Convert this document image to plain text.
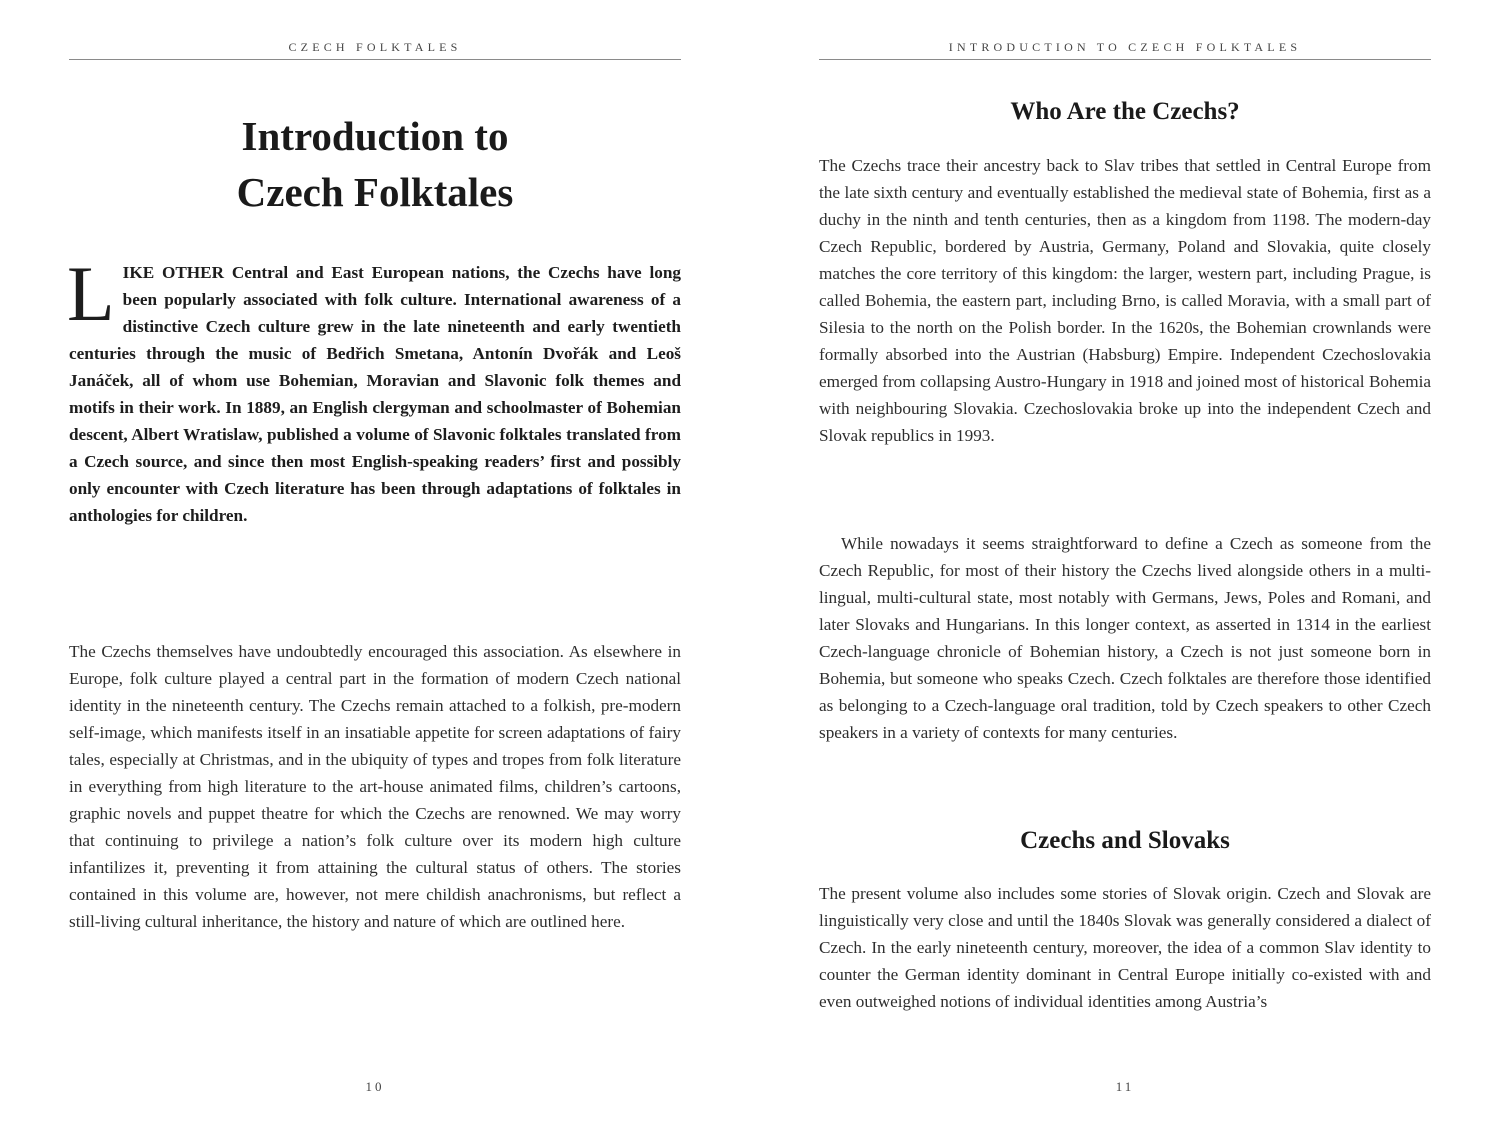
CZECH FOLKTALES
Introduction to
Czech Folktales

LIKE OTHER Central and East European nations, the Czechs have long been popularly associated with folk culture. International awareness of a distinctive Czech culture grew in the late nineteenth and early twentieth centuries through the music of Bedřich Smetana, Antonín Dvořák and Leoš Janáček, all of whom use Bohemian, Moravian and Slavonic folk themes and motifs in their work. In 1889, an English clergyman and schoolmaster of Bohemian descent, Albert Wratislaw, published a volume of Slavonic folktales translated from a Czech source, and since then most English-speaking readers’ first and possibly only encounter with Czech literature has been through adaptations of folktales in anthologies for children.

The Czechs themselves have undoubtedly encouraged this association. As elsewhere in Europe, folk culture played a central part in the formation of modern Czech national identity in the nineteenth century. The Czechs remain attached to a folkish, pre-modern self-image, which manifests itself in an insatiable appetite for screen adaptations of fairy tales, especially at Christmas, and in the ubiquity of types and tropes from folk literature in everything from high literature to the art-house animated films, children’s cartoons, graphic novels and puppet theatre for which the Czechs are renowned. We may worry that continuing to privilege a nation’s folk culture over its modern high culture infantilizes it, preventing it from attaining the cultural status of others. The stories contained in this volume are, however, not mere childish anachronisms, but reflect a still-living cultural inheritance, the history and nature of which are outlined here.

10
INTRODUCTION TO CZECH FOLKTALES
Who Are the Czechs?

The Czechs trace their ancestry back to Slav tribes that settled in Central Europe from the late sixth century and eventually established the medieval state of Bohemia, first as a duchy in the ninth and tenth centuries, then as a kingdom from 1198. The modern-day Czech Republic, bordered by Austria, Germany, Poland and Slovakia, quite closely matches the core territory of this kingdom: the larger, western part, including Prague, is called Bohemia, the eastern part, including Brno, is called Moravia, with a small part of Silesia to the north on the Polish border. In the 1620s, the Bohemian crownlands were formally absorbed into the Austrian (Habsburg) Empire. Independent Czechoslovakia emerged from collapsing Austro-Hungary in 1918 and joined most of historical Bohemia with neighbouring Slovakia. Czechoslovakia broke up into the independent Czech and Slovak republics in 1993.

While nowadays it seems straightforward to define a Czech as someone from the Czech Republic, for most of their history the Czechs lived alongside others in a multi-lingual, multi-cultural state, most notably with Germans, Jews, Poles and Romani, and later Slovaks and Hungarians. In this longer context, as asserted in 1314 in the earliest Czech-language chronicle of Bohemian history, a Czech is not just someone born in Bohemia, but someone who speaks Czech. Czech folktales are therefore those identified as belonging to a Czech-language oral tradition, told by Czech speakers to other Czech speakers in a variety of contexts for many centuries.

Czechs and Slovaks

The present volume also includes some stories of Slovak origin. Czech and Slovak are linguistically very close and until the 1840s Slovak was generally considered a dialect of Czech. In the early nineteenth century, moreover, the idea of a common Slav identity to counter the German identity dominant in Central Europe initially co-existed with and even outweighed notions of individual identities among Austria’s

11
